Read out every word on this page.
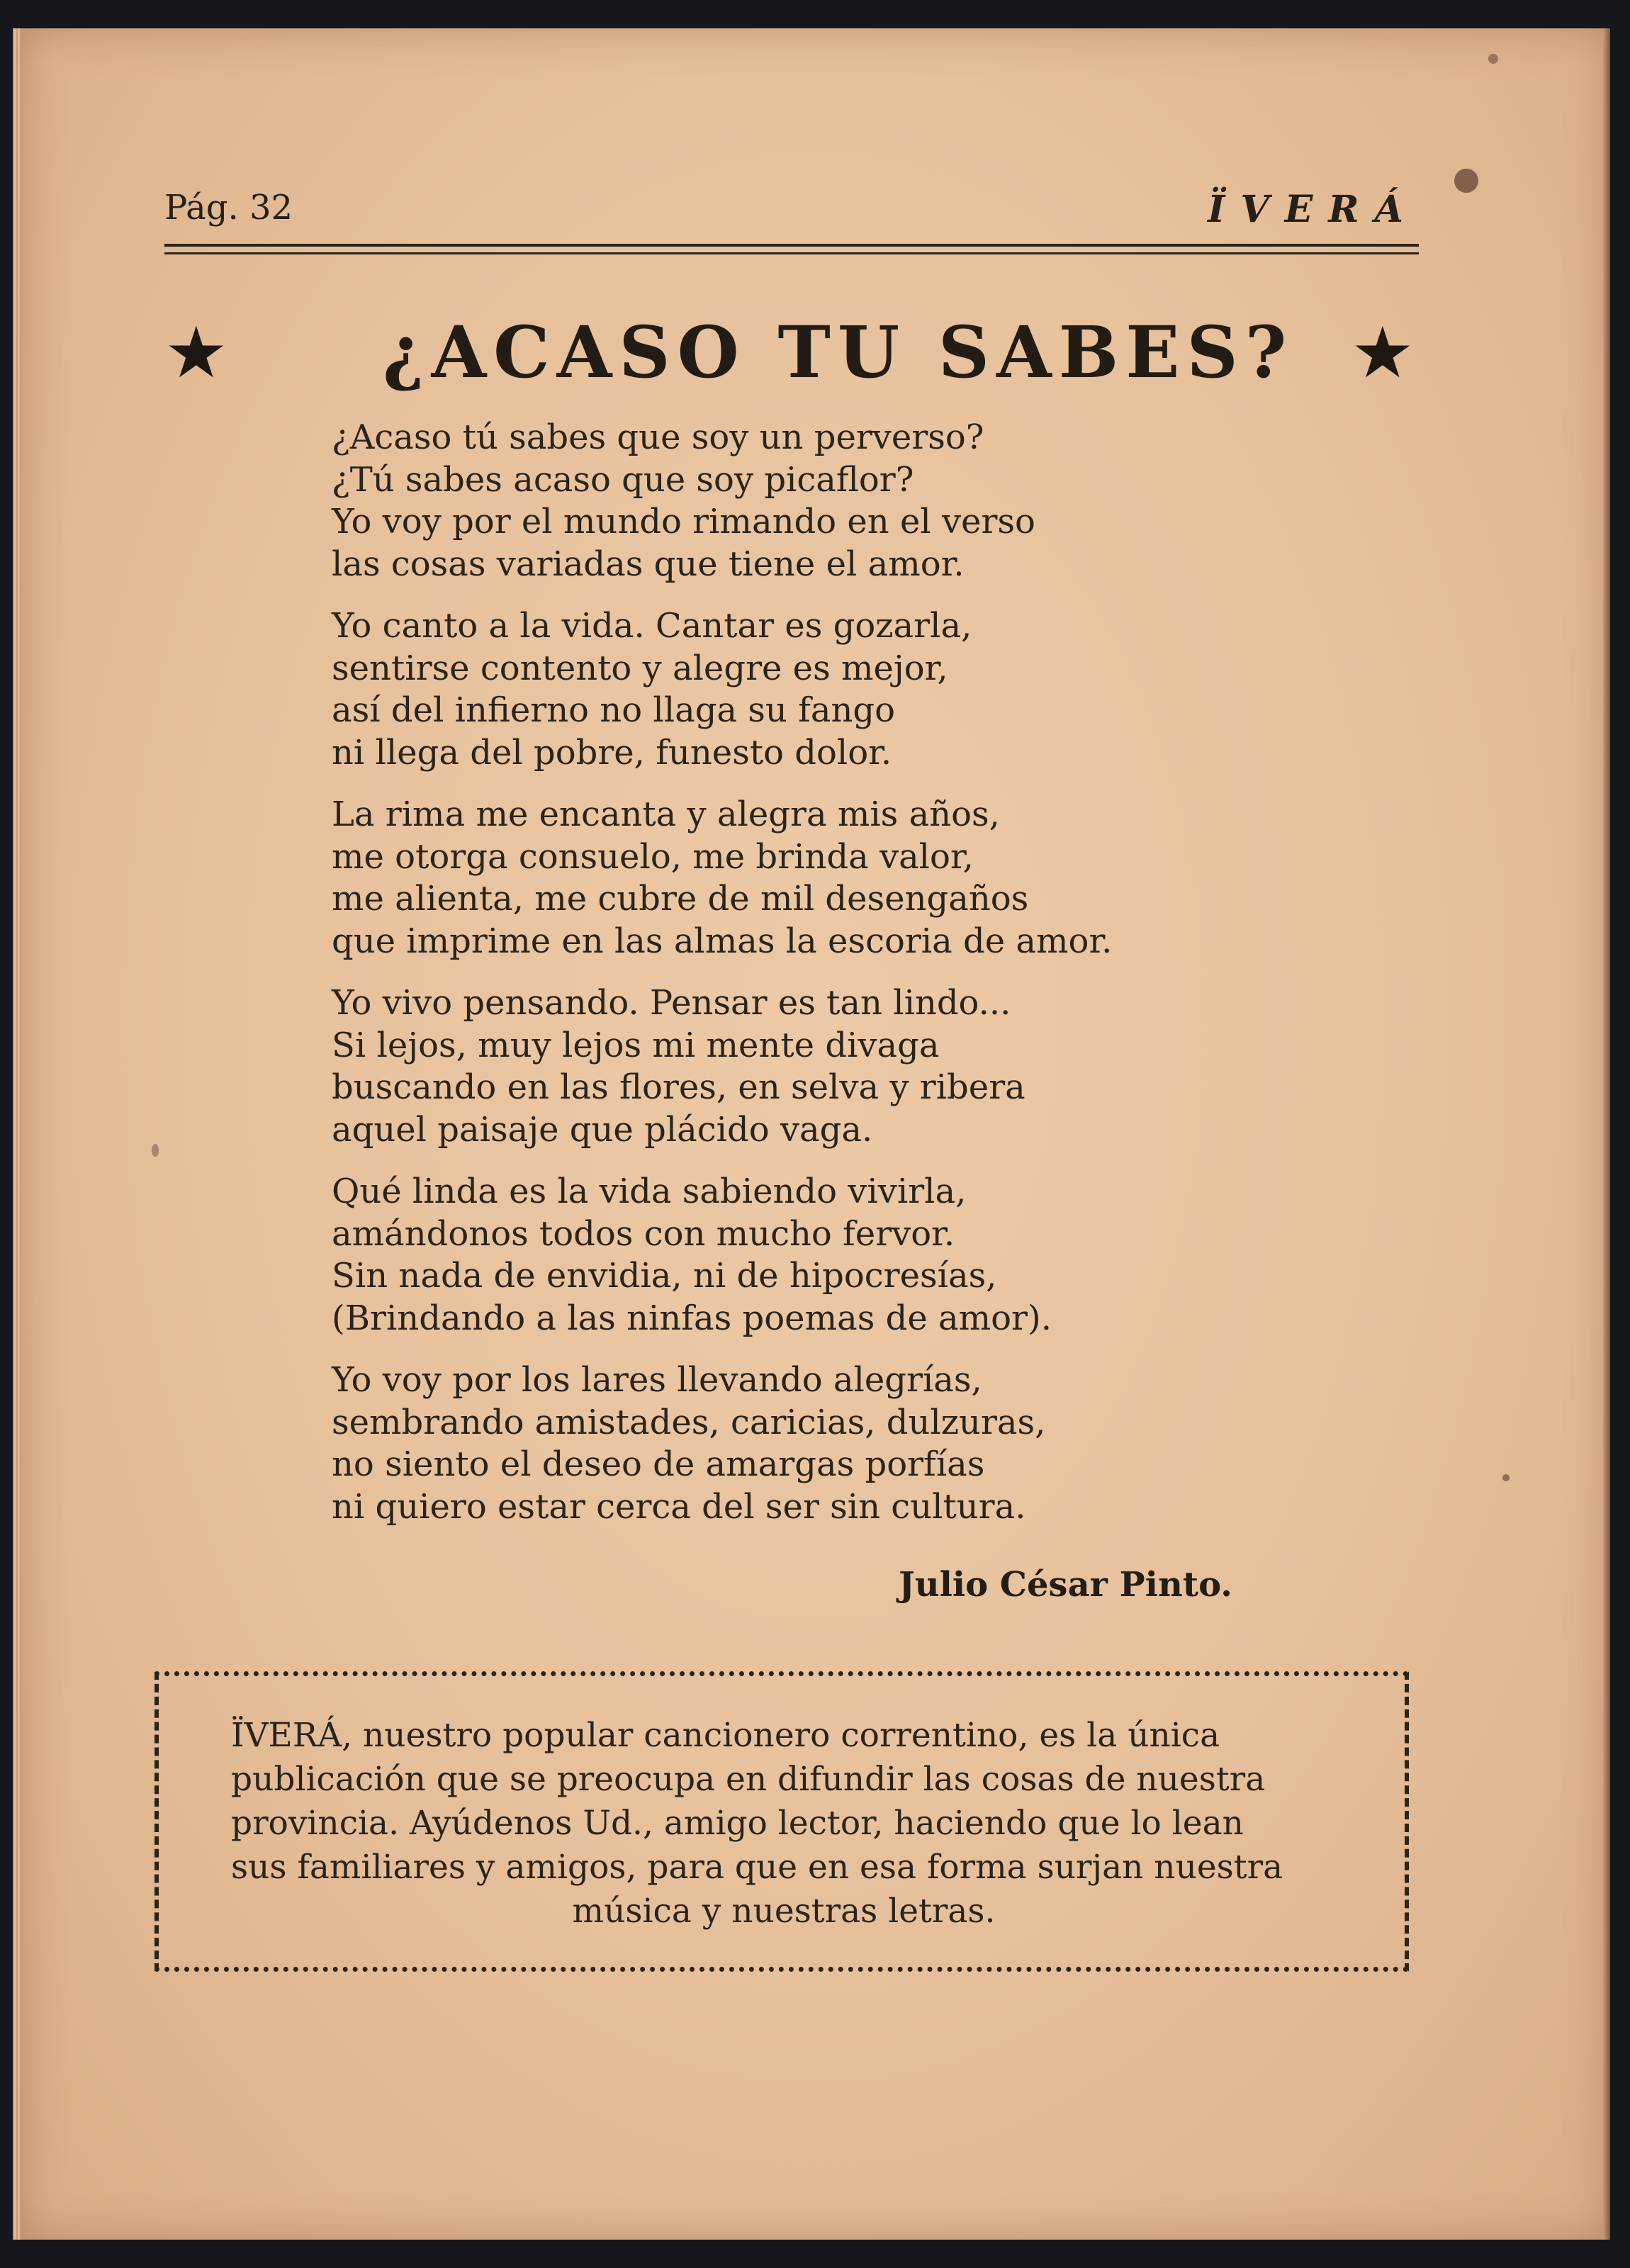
Pág. 32	ÏVERÁ
★ ¿ACASO TU SABES? ★
¿Acaso tú sabes que soy un perverso?
¿Tú sabes acaso que soy picaflor?
Yo voy por el mundo rimando en el verso
las cosas variadas que tiene el amor.
Yo canto a la vida. Cantar es gozarla,
sentirse contento y alegre es mejor,
así del infierno no llaga su fango
ni llega del pobre, funesto dolor.
La rima me encanta y alegra mis años,
me otorga consuelo, me brinda valor,
me alienta, me cubre de mil desengaños
que imprime en las almas la escoria de amor.
Yo vivo pensando. Pensar es tan lindo...
Si lejos, muy lejos mi mente divaga
buscando en las flores, en selva y ribera
aquel paisaje que plácido vaga.
Qué linda es la vida sabiendo vivirla,
amándonos todos con mucho fervor.
Sin nada de envidia, ni de hipocresías,
(Brindando a las ninfas poemas de amor).
Yo voy por los lares llevando alegrías,
sembrando amistades, caricias, dulzuras,
no siento el deseo de amargas porfías
ni quiero estar cerca del ser sin cultura.
Julio César Pinto.
ÏVERÁ, nuestro popular cancionero correntino, es la única
publicación que se preocupa en difundir las cosas de nuestra
provincia. Ayúdenos Ud., amigo lector, haciendo que lo lean
sus familiares y amigos, para que en esa forma surjan nuestra
música y nuestras letras.
